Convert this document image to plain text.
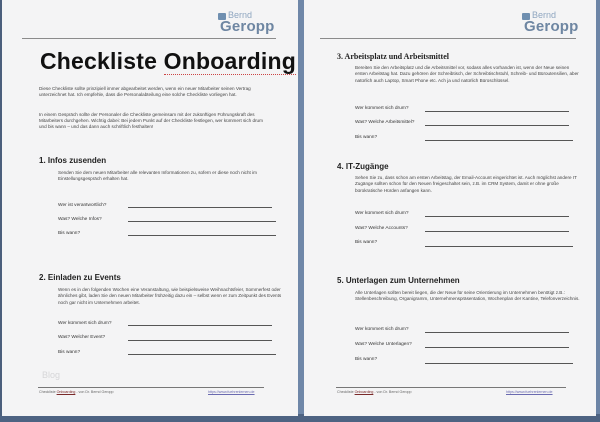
Bernd
Geropp
Checkliste Onboarding
Diese Checkliste sollte prinzipiell immer abgearbeitet werden, wenn ein neuer Mitarbeiter seinen Vertrag unterzeichnet hat. Ich empfehle, dass die Personalabteilung eine solche Checkliste vorliegen hat.
In einem Gespräch sollte der Personaler die Checkliste gemeinsam mit der zukünftigen Führungskraft des Mitarbeiters durchgehen. Wichtig dabei: Bei jedem Punkt auf der Checkliste festlegen, wer kümmert sich drum und bis wann – und das dann auch schriftlich festhalten!
1. Infos zusenden
Senden Sie dem neuen Mitarbeiter alle relevanten Informationen zu, sofern er diese noch nicht im Einstellungsgespräch erhalten hat.
Wer ist verantwortlich?
Was? Welche Infos?
Bis wann?
2. Einladen zu Events
Wenn es in den folgenden Wochen eine Veranstaltung, wie beispielsweise Weihnachtsfeier, Sommerfest oder ähnliches gibt, laden Sie den neuen Mitarbeiter frühzeitig dazu ein – selbst wenn er zum Zeitpunkt des Events noch gar nicht im Unternehmen arbeitet.
Wer kümmert sich drum?
Was? Welcher Event?
Bis wann?
Blog
Checkliste Onboarding - von Dr. Bernd Geropp	https://www.fuehrenlernen.de
Bernd
Geropp
3. Arbeitsplatz und Arbeitsmittel
Bereiten Sie den Arbeitsplatz und die Arbeitsmittel vor, sodass alles vorhanden ist, wenn der Neue seinen ersten Arbeitstag hat. Dazu gehören der Schreibtisch, der Schreibtischstuhl, Schreib- und Büroutensilien, aber natürlich auch Laptop, Smart Phone etc. Ach ja und natürlich Büroschlüssel.
Wer kümmert sich drum?
Was? Welche Arbeitsmittel?
Bis wann?
4. IT-Zugänge
Sehen Sie zu, dass schon am ersten Arbeitstag, der Email-Account eingerichtet ist. Auch möglichst andere IT Zugänge sollten schon für den Neuen freigeschaltet sein, z.B. im CRM System, damit er ohne große bürokratische Hürden anfangen kann.
Wer kümmert sich drum?
Was? Welche Accounts?
Bis wann?
5. Unterlagen zum Unternehmen
Alle Unterlagen sollten bereit liegen, die der Neue für seine Orientierung im Unternehmen benötigt z.B.: Stellenbeschreibung, Organigramm, Unternehmenspräsentation, Wochenplan der Kantine, Telefonverzeichnis.
Wer kümmert sich drum?
Was? Welche Unterlagen?
Bis wann?
Checkliste Onboarding - von Dr. Bernd Geropp	https://www.fuehrenlernen.de
